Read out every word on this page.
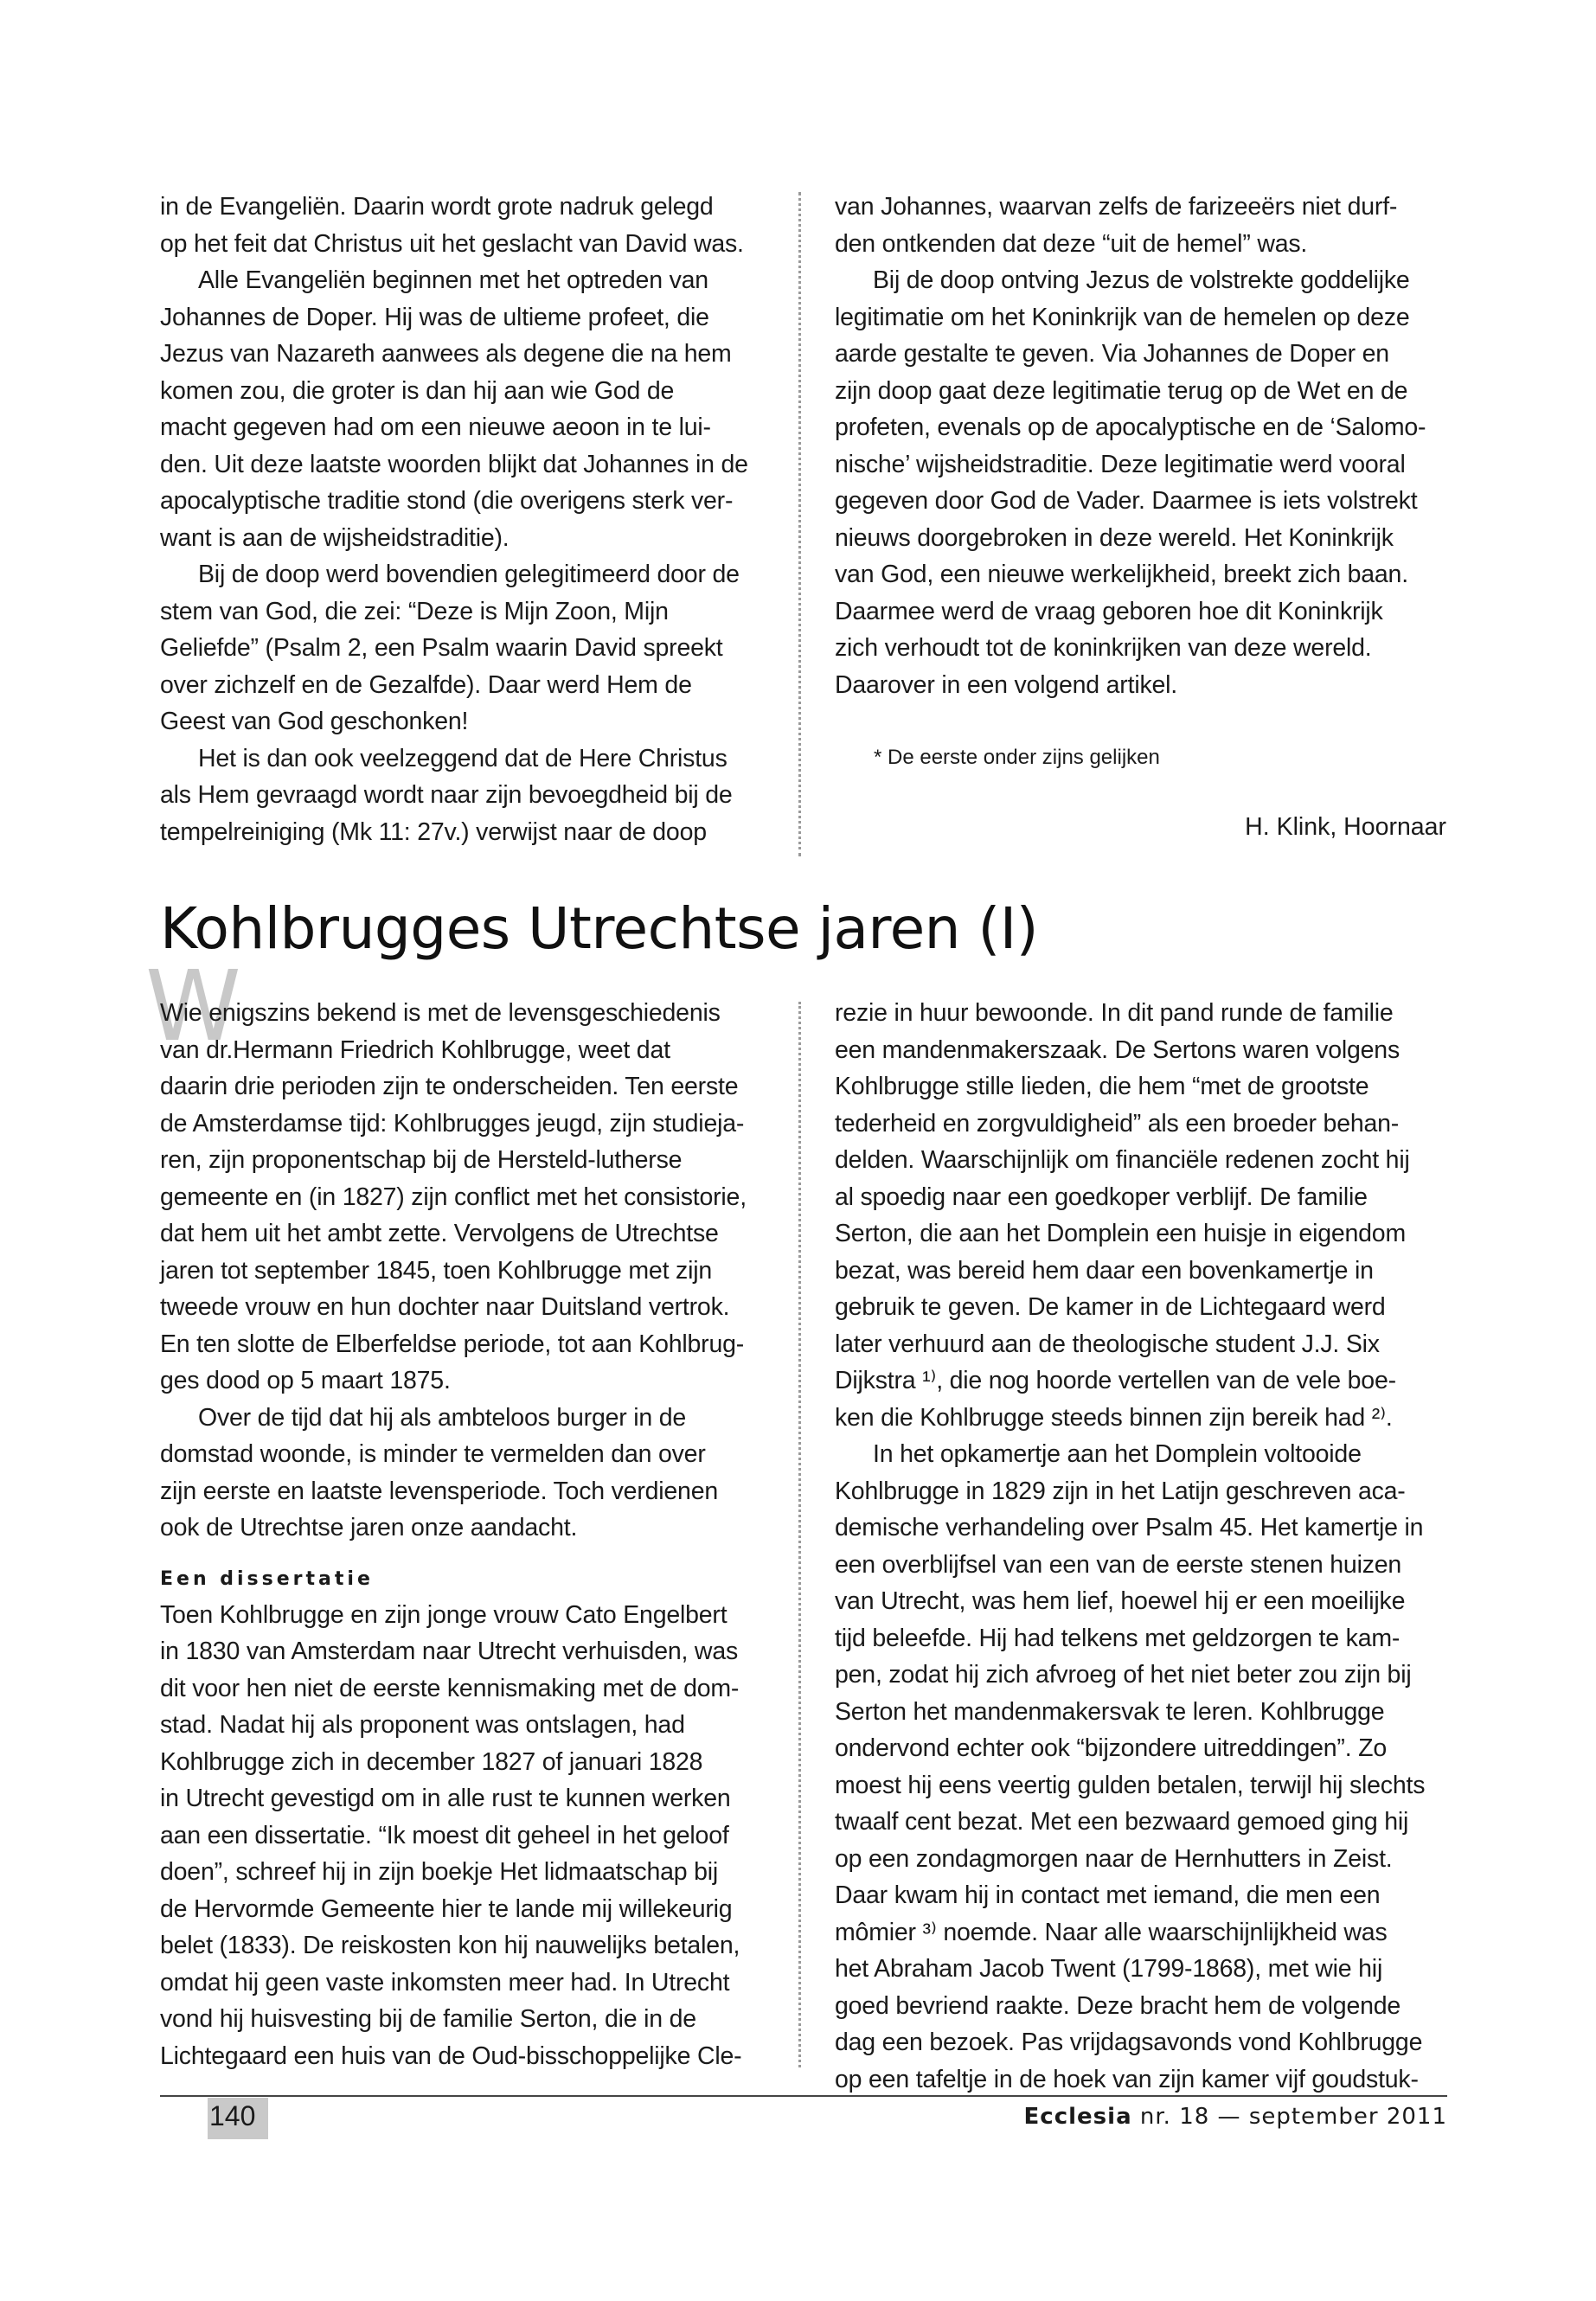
in de Evangeliën. Daarin wordt grote nadruk gelegd
op het feit dat Christus uit het geslacht van David was.

Alle Evangeliën beginnen met het optreden van
Johannes de Doper. Hij was de ultieme profeet, die
Jezus van Nazareth aanwees als degene die na hem
komen zou, die groter is dan hij aan wie God de
macht gegeven had om een nieuwe aeoon in te lui-
den. Uit deze laatste woorden blijkt dat Johannes in de
apocalyptische traditie stond (die overigens sterk ver-
want is aan de wijsheidstraditie).

Bij de doop werd bovendien gelegitimeerd door de
stem van God, die zei: “Deze is Mijn Zoon, Mijn
Geliefde” (Psalm 2, een Psalm waarin David spreekt
over zichzelf en de Gezalfde). Daar werd Hem de
Geest van God geschonken!

Het is dan ook veelzeggend dat de Here Christus
als Hem gevraagd wordt naar zijn bevoegdheid bij de
tempelreiniging (Mk 11: 27v.) verwijst naar de doop

van Johannes, waarvan zelfs de farizeeërs niet durf-
den ontkenden dat deze “uit de hemel” was.

Bij de doop ontving Jezus de volstrekte goddelijke
legitimatie om het Koninkrijk van de hemelen op deze
aarde gestalte te geven. Via Johannes de Doper en
zijn doop gaat deze legitimatie terug op de Wet en de
profeten, evenals op de apocalyptische en de ‘Salomo-
nische’ wijsheidstraditie. Deze legitimatie werd vooral
gegeven door God de Vader. Daarmee is iets volstrekt
nieuws doorgebroken in deze wereld. Het Koninkrijk
van God, een nieuwe werkelijkheid, breekt zich baan.
Daarmee werd de vraag geboren hoe dit Koninkrijk
zich verhoudt tot de koninkrijken van deze wereld.
Daarover in een volgend artikel.

* De eerste onder zijns gelijken
H. Klink, Hoornaar
Kohlbrugges Utrechtse jaren (I)
W

Wie enigszins bekend is met de levensgeschiedenis
van dr.Hermann Friedrich Kohlbrugge, weet dat
daarin drie perioden zijn te onderscheiden. Ten eerste
de Amsterdamse tijd: Kohlbrugges jeugd, zijn studieja-
ren, zijn proponentschap bij de Hersteld-lutherse
gemeente en (in 1827) zijn conflict met het consistorie,
dat hem uit het ambt zette. Vervolgens de Utrechtse
jaren tot september 1845, toen Kohlbrugge met zijn
tweede vrouw en hun dochter naar Duitsland vertrok.
En ten slotte de Elberfeldse periode, tot aan Kohlbrug-
ges dood op 5 maart 1875.

Over de tijd dat hij als ambteloos burger in de
domstad woonde, is minder te vermelden dan over
zijn eerste en laatste levensperiode. Toch verdienen
ook de Utrechtse jaren onze aandacht.

Een dissertatie

Toen Kohlbrugge en zijn jonge vrouw Cato Engelbert
in 1830 van Amsterdam naar Utrecht verhuisden, was
dit voor hen niet de eerste kennismaking met de dom-
stad. Nadat hij als proponent was ontslagen, had
Kohlbrugge zich in december 1827 of januari 1828
in Utrecht gevestigd om in alle rust te kunnen werken
aan een dissertatie. “Ik moest dit geheel in het geloof
doen”, schreef hij in zijn boekje Het lidmaatschap bij
de Hervormde Gemeente hier te lande mij willekeurig
belet (1833). De reiskosten kon hij nauwelijks betalen,
omdat hij geen vaste inkomsten meer had. In Utrecht
vond hij huisvesting bij de familie Serton, die in de
Lichtegaard een huis van de Oud-bisschoppelijke Cle-

rezie in huur bewoonde. In dit pand runde de familie
een mandenmakerszaak. De Sertons waren volgens
Kohlbrugge stille lieden, die hem “met de grootste
tederheid en zorgvuldigheid” als een broeder behan-
delden. Waarschijnlijk om financiële redenen zocht hij
al spoedig naar een goedkoper verblijf. De familie
Serton, die aan het Domplein een huisje in eigendom
bezat, was bereid hem daar een bovenkamertje in
gebruik te geven. De kamer in de Lichtegaard werd
later verhuurd aan de theologische student J.J. Six
Dijkstra ¹⁾, die nog hoorde vertellen van de vele boe-
ken die Kohlbrugge steeds binnen zijn bereik had ²⁾.

In het opkamertje aan het Domplein voltooide
Kohlbrugge in 1829 zijn in het Latijn geschreven aca-
demische verhandeling over Psalm 45. Het kamertje in
een overblijfsel van een van de eerste stenen huizen
van Utrecht, was hem lief, hoewel hij er een moeilijke
tijd beleefde. Hij had telkens met geldzorgen te kam-
pen, zodat hij zich afvroeg of het niet beter zou zijn bij
Serton het mandenmakersvak te leren. Kohlbrugge
ondervond echter ook “bijzondere uitreddingen”. Zo
moest hij eens veertig gulden betalen, terwijl hij slechts
twaalf cent bezat. Met een bezwaard gemoed ging hij
op een zondagmorgen naar de Hernhutters in Zeist.
Daar kwam hij in contact met iemand, die men een
mômier ³⁾ noemde. Naar alle waarschijnlijkheid was
het Abraham Jacob Twent (1799-1868), met wie hij
goed bevriend raakte. Deze bracht hem de volgende
dag een bezoek. Pas vrijdagsavonds vond Kohlbrugge
op een tafeltje in de hoek van zijn kamer vijf goudstuk-

140	Ecclesia nr. 18 — september 2011
